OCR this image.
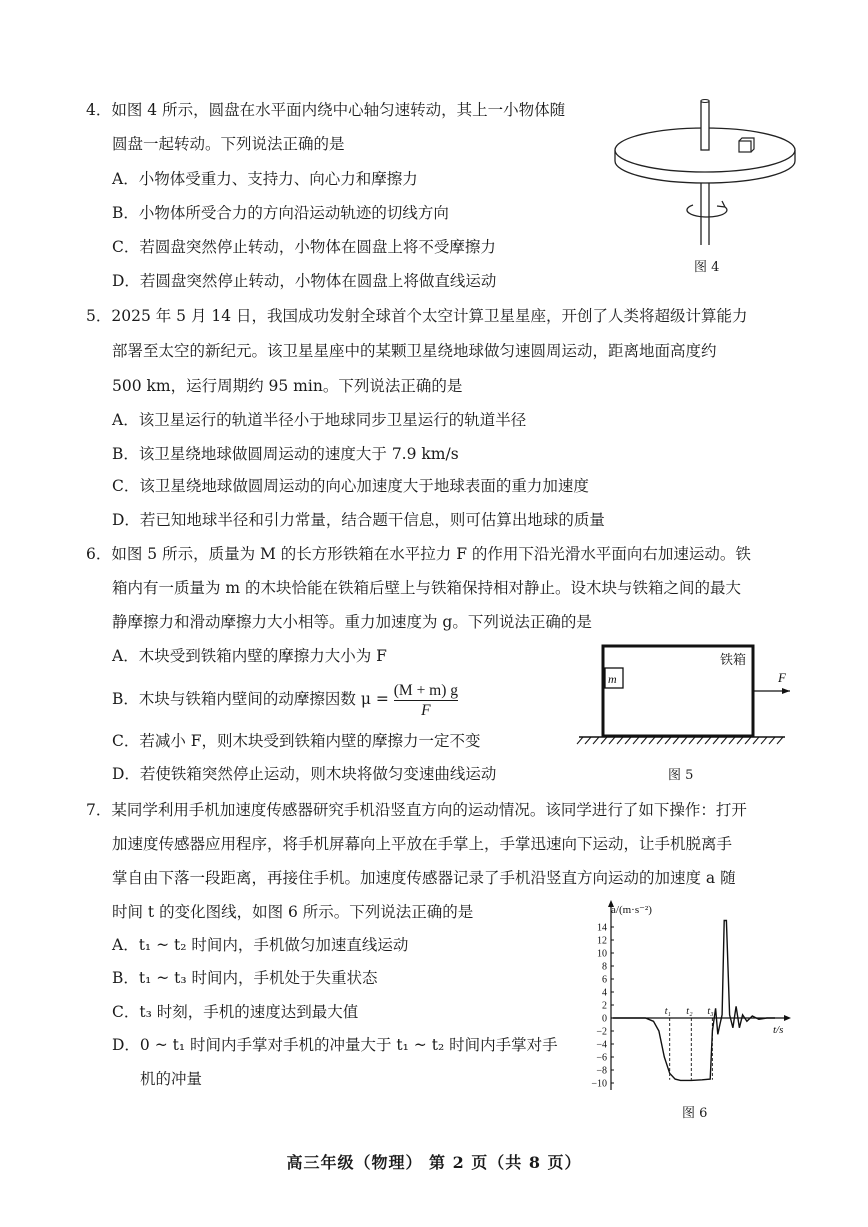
4．如图 4 所示，圆盘在水平面内绕中心轴匀速转动，其上一小物体随
圆盘一起转动。下列说法正确的是
A．小物体受重力、支持力、向心力和摩擦力
B．小物体所受合力的方向沿运动轨迹的切线方向
C．若圆盘突然停止转动，小物体在圆盘上将不受摩擦力
D．若圆盘突然停止转动，小物体在圆盘上将做直线运动
图 4
5．2025 年 5 月 14 日，我国成功发射全球首个太空计算卫星星座，开创了人类将超级计算能力
部署至太空的新纪元。该卫星星座中的某颗卫星绕地球做匀速圆周运动，距离地面高度约
500 km，运行周期约 95 min。下列说法正确的是
A．该卫星运行的轨道半径小于地球同步卫星运行的轨道半径
B．该卫星绕地球做圆周运动的速度大于 7.9 km/s
C．该卫星绕地球做圆周运动的向心加速度大于地球表面的重力加速度
D．若已知地球半径和引力常量，结合题干信息，则可估算出地球的质量
6．如图 5 所示，质量为 M 的长方形铁箱在水平拉力 F 的作用下沿光滑水平面向右加速运动。铁
箱内有一质量为 m 的木块恰能在铁箱后壁上与铁箱保持相对静止。设木块与铁箱之间的最大
静摩擦力和滑动摩擦力大小相等。重力加速度为 g。下列说法正确的是
A．木块受到铁箱内壁的摩擦力大小为 F
B．木块与铁箱内壁间的动摩擦因数 $\mu = \frac{(M + m) g}{F}$
C．若减小 F，则木块受到铁箱内壁的摩擦力一定不变
D．若使铁箱突然停止运动，则木块将做匀变速曲线运动
铁箱
m	F
图 5
7．某同学利用手机加速度传感器研究手机沿竖直方向的运动情况。该同学进行了如下操作：打开
加速度传感器应用程序，将手机屏幕向上平放在手掌上，手掌迅速向下运动，让手机脱离手
掌自由下落一段距离，再接住手机。加速度传感器记录了手机沿竖直方向运动的加速度 a 随
时间 t 的变化图线，如图 6 所示。下列说法正确的是
A．t₁ ~ t₂ 时间内，手机做匀加速直线运动
B．t₁ ~ t₃ 时间内，手机处于失重状态
C．t₃ 时刻，手机的速度达到最大值
D．0 ~ t₁ 时间内手掌对手机的冲量大于 t₁ ~ t₂ 时间内手掌对手
机的冲量
14
12
10
8
6
4
2
0
−2
−4
−6
−8
−10
t₁ t₂ t₃
a/(m·s⁻²)
t/s
图 6
高三年级（物理） 第 2 页（共 8 页）
